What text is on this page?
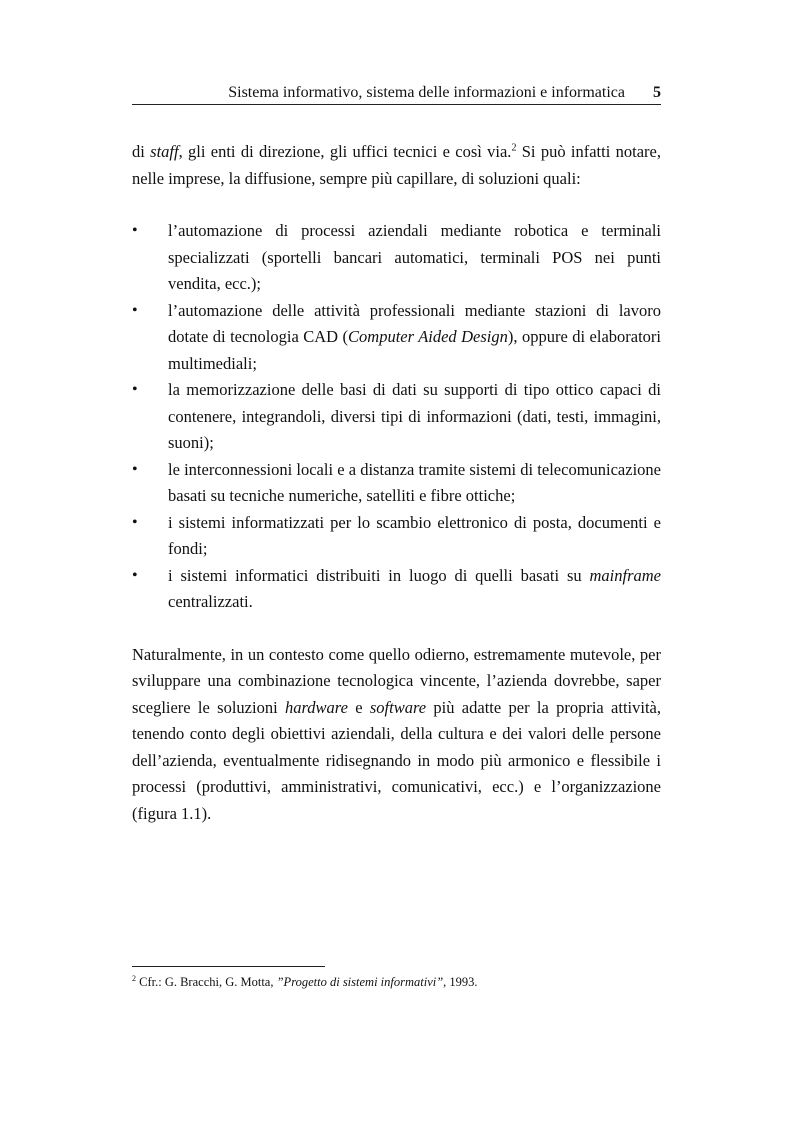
Sistema informativo, sistema delle informazioni e informatica 5

di staff, gli enti di direzione, gli uffici tecnici e così via.$^2$ Si può infatti notare, nelle imprese, la diffusione, sempre più capillare, di soluzioni quali:

• l’automazione di processi aziendali mediante robotica e terminali specializzati (sportelli bancari automatici, terminali POS nei punti vendita, ecc.);
• l’automazione delle attività professionali mediante stazioni di lavoro dotate di tecnologia CAD (Computer Aided Design), oppure di elaboratori multimediali;
• la memorizzazione delle basi di dati su supporti di tipo ottico capaci di contenere, integrandoli, diversi tipi di informazioni (dati, testi, immagini, suoni);
• le interconnessioni locali e a distanza tramite sistemi di telecomunicazione basati su tecniche numeriche, satelliti e fibre ottiche;
• i sistemi informatizzati per lo scambio elettronico di posta, documenti e fondi;
• i sistemi informatici distribuiti in luogo di quelli basati su mainframe centralizzati.

Naturalmente, in un contesto come quello odierno, estremamente mutevole, per sviluppare una combinazione tecnologica vincente, l’azienda dovrebbe, saper scegliere le soluzioni hardware e software più adatte per la propria attività, tenendo conto degli obiettivi aziendali, della cultura e dei valori delle persone dell’azienda, eventualmente ridisegnando in modo più armonico e flessibile i processi (produttivi, amministrativi, comunicativi, ecc.) e l’organizzazione (figura 1.1).

$^2$ Cfr.: G. Bracchi, G. Motta, ”Progetto di sistemi informativi”, 1993.
